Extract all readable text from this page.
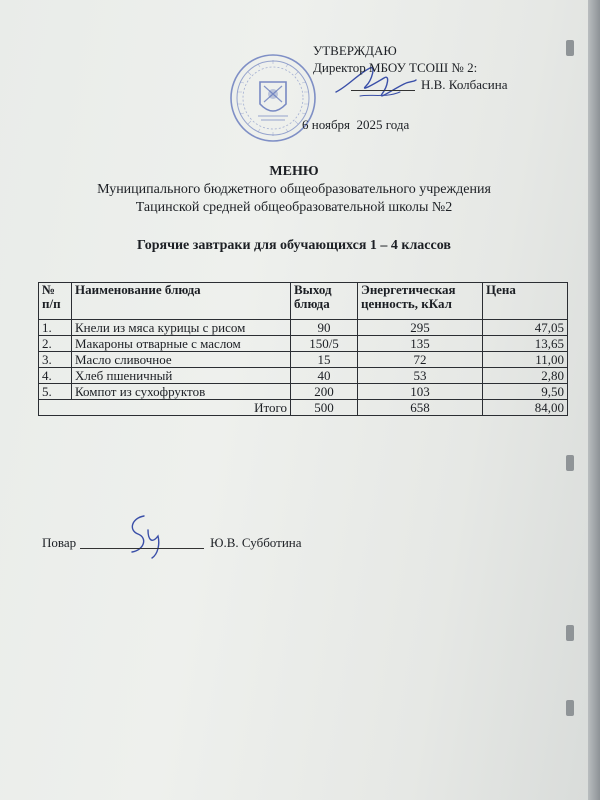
УТВЕРЖДАЮ
Директор МБОУ ТСОШ № 2:
Н.В. Колбасина
6 ноября 2025 года
МЕНЮ
Муниципального бюджетного общеобразовательного учреждения
Тацинской средней общеобразовательной школы №2
Горячие завтраки для обучающихся 1 – 4 классов
№ п/п	Наименование блюда	Выход блюда	Энергетическая ценность, кКал	Цена
1.	Кнели из мяса курицы с рисом	90	295	47,05
2.	Макароны отварные с маслом	150/5	135	13,65
3.	Масло сливочное	15	72	11,00
4.	Хлеб пшеничный	40	53	2,80
5.	Компот из сухофруктов	200	103	9,50
Итого		500	658	84,00
Повар	Ю.В. Субботина
